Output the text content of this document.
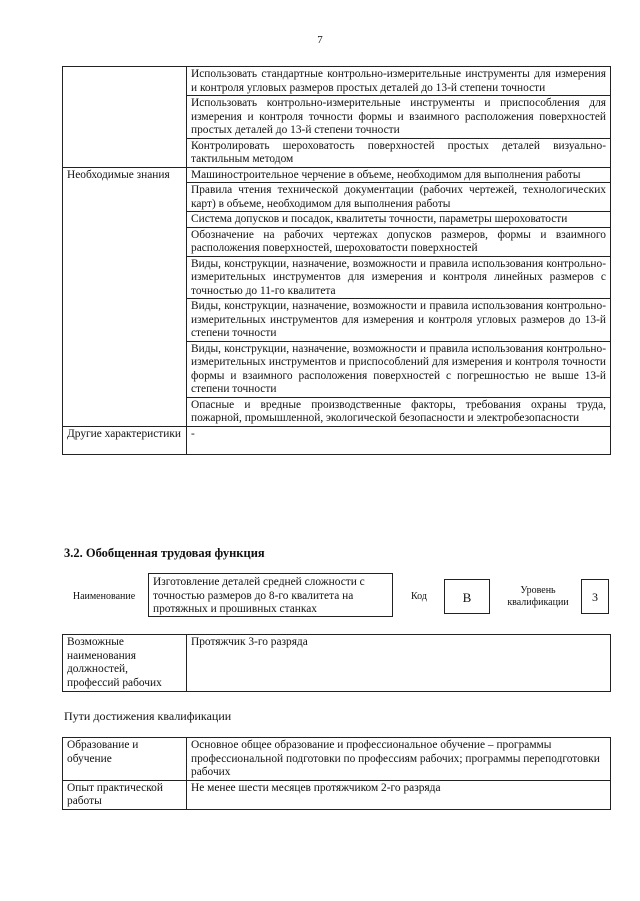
7
	Использовать стандартные контрольно-измерительные инструменты для измерения и контроля угловых размеров простых деталей до 13-й степени точности
	Использовать контрольно-измерительные инструменты и приспособления для измерения и контроля точности формы и взаимного расположения поверхностей простых деталей до 13-й степени точности
	Контролировать шероховатость поверхностей простых деталей визуально-тактильным методом
Необходимые знания	Машиностроительное черчение в объеме, необходимом для выполнения работы
	Правила чтения технической документации (рабочих чертежей, технологических карт) в объеме, необходимом для выполнения работы
	Система допусков и посадок, квалитеты точности, параметры шероховатости
	Обозначение на рабочих чертежах допусков размеров, формы и взаимного расположения поверхностей, шероховатости поверхностей
	Виды, конструкции, назначение, возможности и правила использования контрольно-измерительных инструментов для измерения и контроля линейных размеров с точностью до 11-го квалитета
	Виды, конструкции, назначение, возможности и правила использования контрольно-измерительных инструментов для измерения и контроля угловых размеров до 13-й степени точности
	Виды, конструкции, назначение, возможности и правила использования контрольно-измерительных инструментов и приспособлений для измерения и контроля точности формы и взаимного расположения поверхностей с погрешностью не выше 13-й степени точности
	Опасные и вредные производственные факторы, требования охраны труда, пожарной, промышленной, экологической безопасности и электробезопасности
Другие характеристики	-
3.2. Обобщенная трудовая функция
Наименование
Изготовление деталей средней сложности с точностью размеров до 8-го квалитета на протяжных и прошивных станках
Код	B	Уровень квалификации	3
Возможные наименования должностей, профессий рабочих	Протяжчик 3-го разряда
Пути достижения квалификации
Образование и обучение	Основное общее образование и профессиональное обучение – программы профессиональной подготовки по профессиям рабочих; программы переподготовки рабочих
Опыт практической работы	Не менее шести месяцев протяжчиком 2-го разряда
